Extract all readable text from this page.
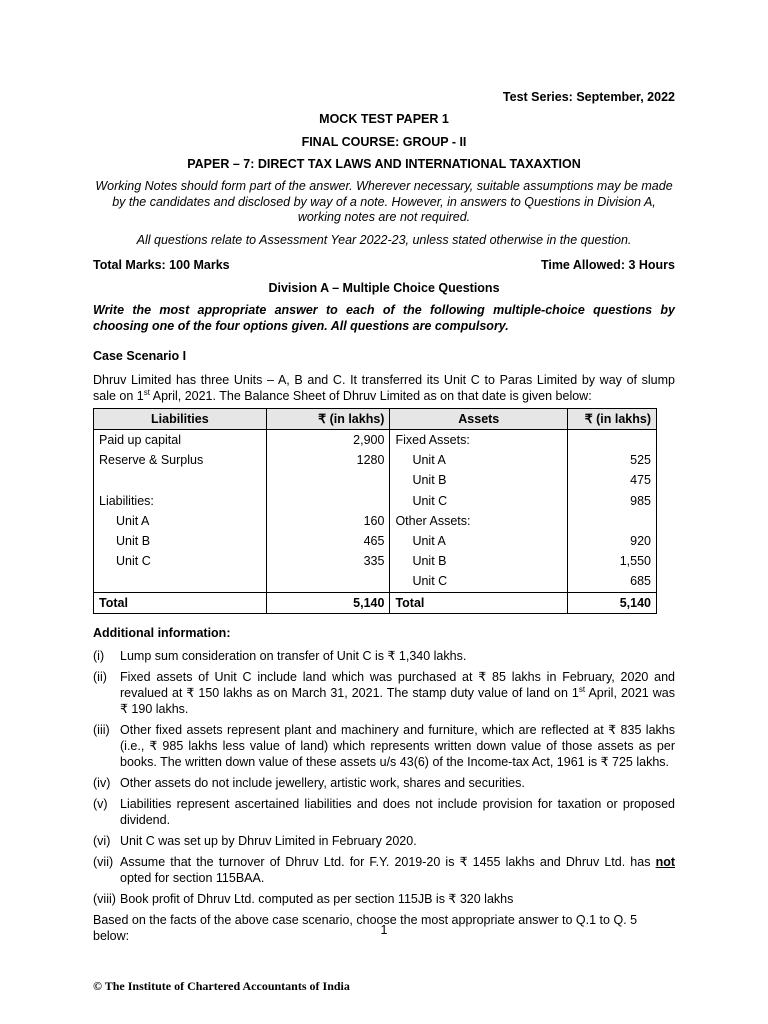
Test Series: September, 2022
MOCK TEST PAPER 1
FINAL COURSE: GROUP - II
PAPER – 7: DIRECT TAX LAWS AND INTERNATIONAL TAXAXTION
Working Notes should form part of the answer. Wherever necessary, suitable assumptions may be made by the candidates and disclosed by way of a note. However, in answers to Questions in Division A, working notes are not required.
All questions relate to Assessment Year 2022-23, unless stated otherwise in the question.
Total Marks: 100 Marks	Time Allowed: 3 Hours
Division A – Multiple Choice Questions
Write the most appropriate answer to each of the following multiple-choice questions by choosing one of the four options given. All questions are compulsory.
Case Scenario I
Dhruv Limited has three Units – A, B and C. It transferred its Unit C to Paras Limited by way of slump sale on 1st April, 2021. The Balance Sheet of Dhruv Limited as on that date is given below:
Liabilities	₹ (in lakhs)	Assets	₹ (in lakhs)
Paid up capital	2,900	Fixed Assets:	
Reserve & Surplus	1280	Unit A	525
		Unit B	475
Liabilities:		Unit C	985
Unit A	160	Other Assets:	
Unit B	465	Unit A	920
Unit C	335	Unit B	1,550
		Unit C	685
Total	5,140	Total	5,140
Additional information:
(i)	Lump sum consideration on transfer of Unit C is ₹ 1,340 lakhs.
(ii)	Fixed assets of Unit C include land which was purchased at ₹ 85 lakhs in February, 2020 and revalued at ₹ 150 lakhs as on March 31, 2021. The stamp duty value of land on 1st April, 2021 was ₹ 190 lakhs.
(iii) Other fixed assets represent plant and machinery and furniture, which are reflected at ₹ 835 lakhs (i.e., ₹ 985 lakhs less value of land) which represents written down value of those assets as per books. The written down value of these assets u/s 43(6) of the Income-tax Act, 1961 is ₹ 725 lakhs.
(iv) Other assets do not include jewellery, artistic work, shares and securities.
(v) Liabilities represent ascertained liabilities and does not include provision for taxation or proposed dividend.
(vi) Unit C was set up by Dhruv Limited in February 2020.
(vii) Assume that the turnover of Dhruv Ltd. for F.Y. 2019-20 is ₹ 1455 lakhs and Dhruv Ltd. has not opted for section 115BAA.
(viii) Book profit of Dhruv Ltd. computed as per section 115JB is ₹ 320 lakhs
Based on the facts of the above case scenario, choose the most appropriate answer to Q.1 to Q. 5 below:	1
© The Institute of Chartered Accountants of India
